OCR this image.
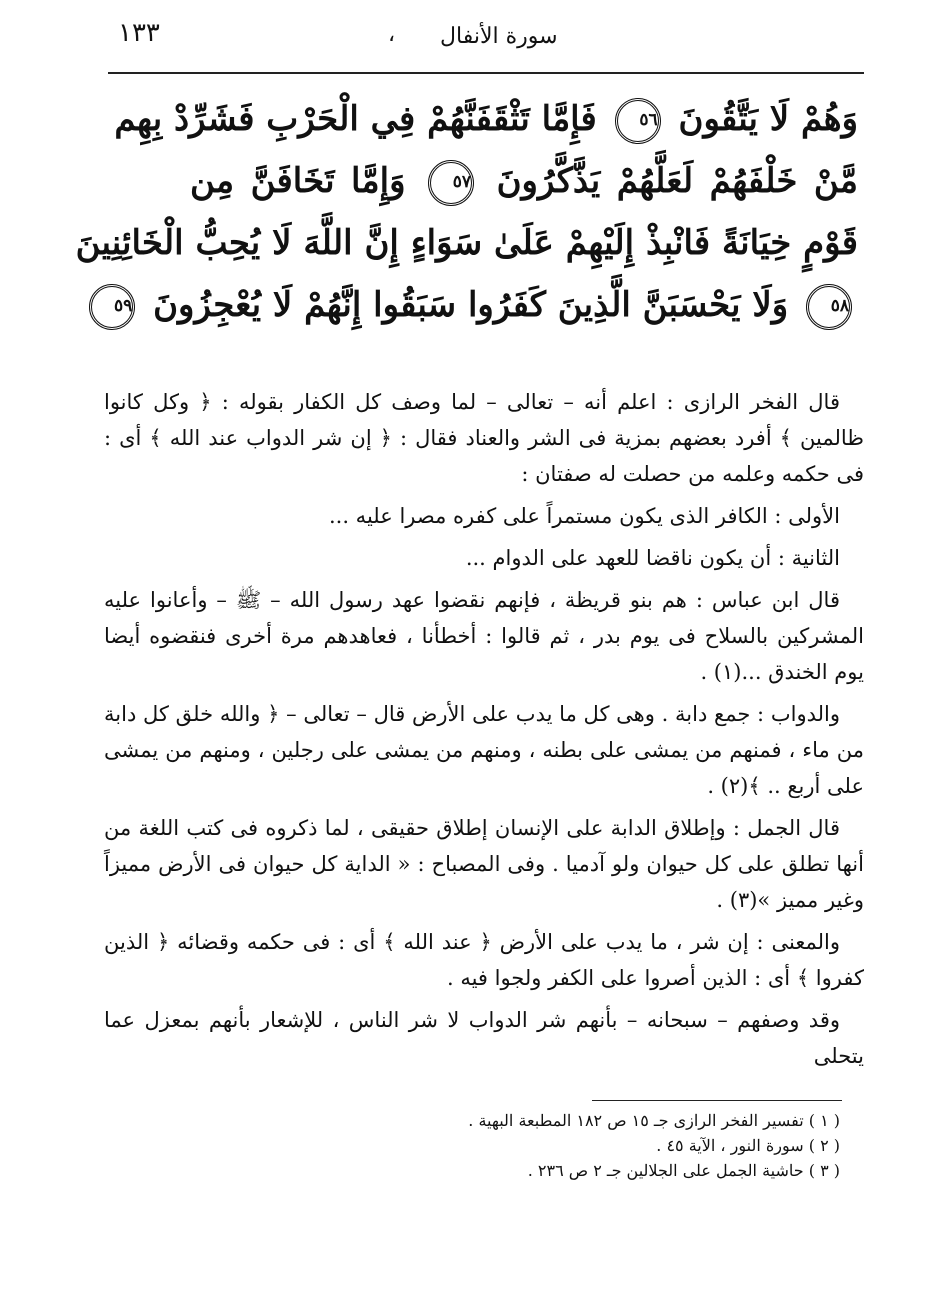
١٣٣	، سورة الأنفال
وَهُمْ لَا يَتَّقُونَ ٥٦ فَإِمَّا تَثْقَفَنَّهُمْ فِي الْحَرْبِ فَشَرِّدْ بِهِم
مَّنْ خَلْفَهُمْ لَعَلَّهُمْ يَذَّكَّرُونَ ٥٧ وَإِمَّا تَخَافَنَّ مِن
قَوْمٍ خِيَانَةً فَانْبِذْ إِلَيْهِمْ عَلَىٰ سَوَاءٍ إِنَّ اللَّهَ لَا يُحِبُّ الْخَائِنِينَ
٥٨ وَلَا يَحْسَبَنَّ الَّذِينَ كَفَرُوا سَبَقُوا إِنَّهُمْ لَا يُعْجِزُونَ ٥٩

قال الفخر الرازى : اعلم أنه – تعالى – لما وصف كل الكفار بقوله : ﴿ وكل كانوا ظالمين ﴾ أفرد بعضهم بمزية فى الشر والعناد فقال : ﴿ إن شر الدواب عند الله ﴾ أى : فى حكمه وعلمه من حصلت له صفتان :

الأولى : الكافر الذى يكون مستمراً على كفره مصرا عليه ...

الثانية : أن يكون ناقضا للعهد على الدوام ...

قال ابن عباس : هم بنو قريظة ، فإنهم نقضوا عهد رسول الله – ﷺ – وأعانوا عليه المشركين بالسلاح فى يوم بدر ، ثم قالوا : أخطأنا ، فعاهدهم مرة أخرى فنقضوه أيضا يوم الخندق ...(١) .

والدواب : جمع دابة . وهى كل ما يدب على الأرض قال – تعالى – ﴿ والله خلق كل دابة من ماء ، فمنهم من يمشى على بطنه ، ومنهم من يمشى على رجلين ، ومنهم من يمشى على أربع .. ﴾(٢) .

قال الجمل : وإطلاق الدابة على الإنسان إطلاق حقيقى ، لما ذكروه فى كتب اللغة من أنها تطلق على كل حيوان ولو آدميا . وفى المصباح : « الداية كل حيوان فى الأرض مميزاً وغير مميز »(٣) .

والمعنى : إن شر ، ما يدب على الأرض ﴿ عند الله ﴾ أى : فى حكمه وقضائه ﴿ الذين كفروا ﴾ أى : الذين أصروا على الكفر ولجوا فيه .

وقد وصفهم – سبحانه – بأنهم شر الدواب لا شر الناس ، للإشعار بأنهم بمعزل عما يتحلى

( ١ ) تفسير الفخر الرازى جـ ١٥ ص ١٨٢ المطبعة البهية .
( ٢ ) سورة النور ، الآية ٤٥ .
( ٣ ) حاشية الجمل على الجلالين جـ ٢ ص ٢٣٦ .
